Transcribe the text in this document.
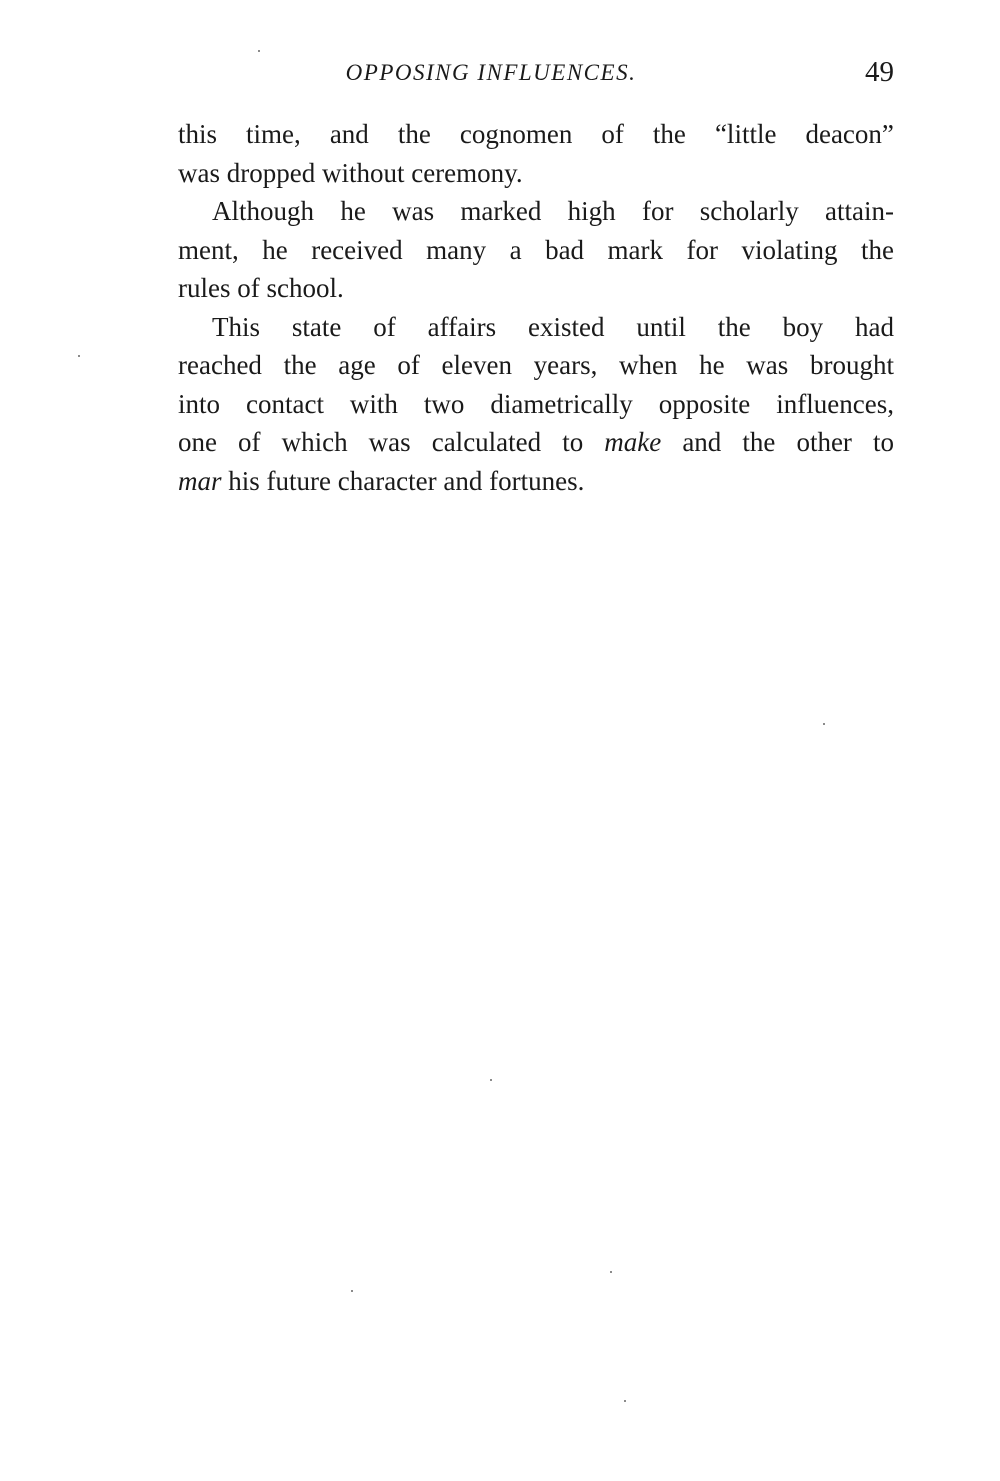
OPPOSING INFLUENCES.	49
this time, and the cognomen of the “little deacon”
was dropped without ceremony.
Although he was marked high for scholarly attain-
ment, he received many a bad mark for violating the
rules of school.
This state of affairs existed until the boy had
reached the age of eleven years, when he was brought
into contact with two diametrically opposite influences,
one of which was calculated to make and the other to
mar
his future character and fortunes.
